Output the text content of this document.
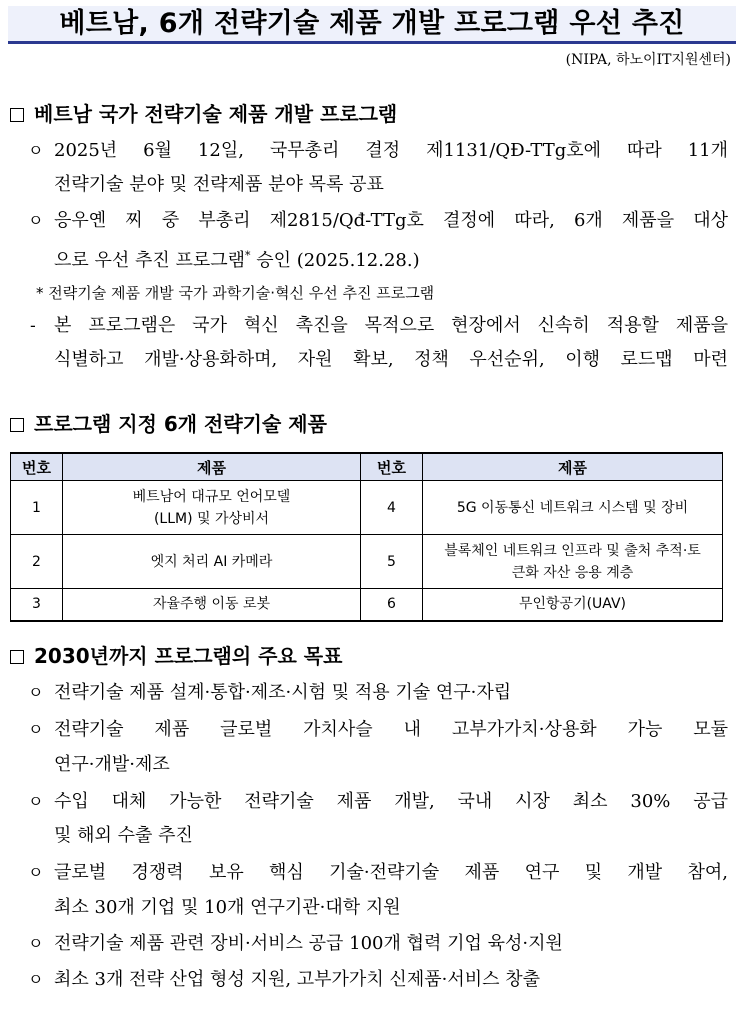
베트남, 6개 전략기술 제품 개발 프로그램 우선 추진
(NIPA, 하노이IT지원센터)
베트남 국가 전략기술 제품 개발 프로그램
ㅇ 2025년 6월 12일, 국무총리 결정 제1131/QĐ-TTg호에 따라 11개
전략기술 분야 및 전략제품 분야 목록 공표
ㅇ 응우옌 찌 중 부총리 제2815/Qđ-TTg호 결정에 따라, 6개 제품을 대상
으로 우선 추진 프로그램* 승인 (2025.12.28.)
* 전략기술 제품 개발 국가 과학기술·혁신 우선 추진 프로그램
- 본 프로그램은 국가 혁신 촉진을 목적으로 현장에서 신속히 적용할 제품을
식별하고 개발·상용화하며, 자원 확보, 정책 우선순위, 이행 로드맵 마련
프로그램 지정 6개 전략기술 제품
번호	제품	번호	제품
1	베트남어 대규모 언어모델(LLM) 및 가상비서	4	5G 이동통신 네트워크 시스템 및 장비
2	엣지 처리 AI 카메라	5	블록체인 네트워크 인프라 및 출처 추적·토큰화 자산 응용 계층
3	자율주행 이동 로봇	6	무인항공기(UAV)
2030년까지 프로그램의 주요 목표
ㅇ 전략기술 제품 설계·통합·제조·시험 및 적용 기술 연구·자립
ㅇ 전략기술 제품 글로벌 가치사슬 내 고부가가치·상용화 가능 모듈
연구·개발·제조
ㅇ 수입 대체 가능한 전략기술 제품 개발, 국내 시장 최소 30% 공급
및 해외 수출 추진
ㅇ 글로벌 경쟁력 보유 핵심 기술·전략기술 제품 연구 및 개발 참여,
최소 30개 기업 및 10개 연구기관·대학 지원
ㅇ 전략기술 제품 관련 장비·서비스 공급 100개 협력 기업 육성·지원
ㅇ 최소 3개 전략 산업 형성 지원, 고부가가치 신제품·서비스 창출
